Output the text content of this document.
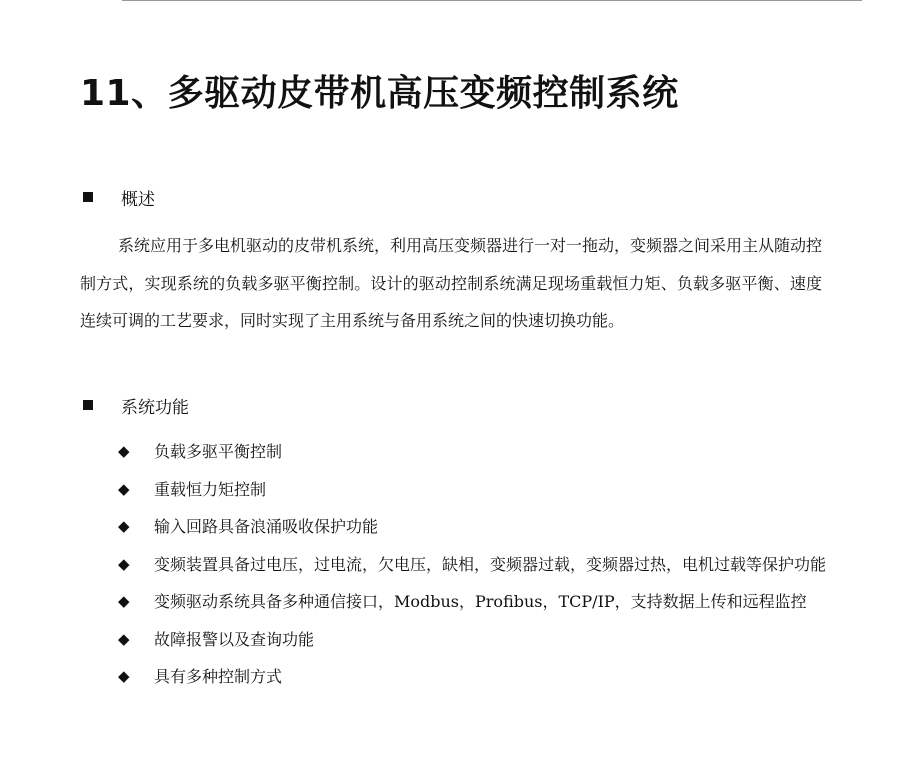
11、多驱动皮带机高压变频控制系统
概述

系统应用于多电机驱动的皮带机系统，利用高压变频器进行一对一拖动，变频器之间采用主从随动控制方式，实现系统的负载多驱平衡控制。设计的驱动控制系统满足现场重载恒力矩、负载多驱平衡、速度连续可调的工艺要求，同时实现了主用系统与备用系统之间的快速切换功能。

系统功能
◆	负载多驱平衡控制
◆	重载恒力矩控制
◆	输入回路具备浪涌吸收保护功能
◆	变频装置具备过电压，过电流，欠电压，缺相，变频器过载，变频器过热，电机过载等保护功能
◆	变频驱动系统具备多种通信接口，Modbus，Profibus，TCP/IP，支持数据上传和远程监控
◆	故障报警以及查询功能
◆	具有多种控制方式
